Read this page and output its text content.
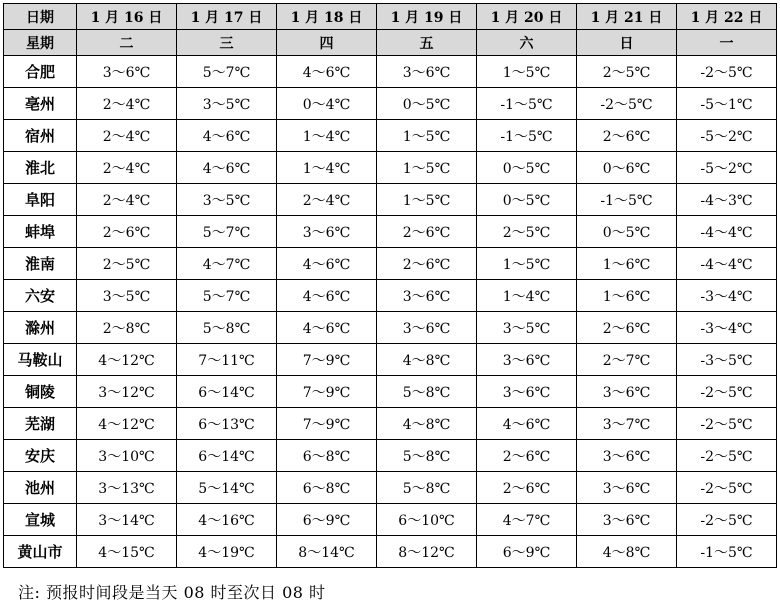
日期	1 月 16 日	1 月 17 日	1 月 18 日	1 月 19 日	1 月 20 日	1 月 21 日	1 月 22 日
星期	二	三	四	五	六	日	一
合肥	3～6℃	5～7℃	4～6℃	3～6℃	1～5℃	2～5℃	-2～5℃
亳州	2～4℃	3～5℃	0～4℃	0～5℃	-1～5℃	-2～5℃	-5～1℃
宿州	2～4℃	4～6℃	1～4℃	1～5℃	-1～5℃	2～6℃	-5～2℃
淮北	2～4℃	4～6℃	1～4℃	1～5℃	0～5℃	0～6℃	-5～2℃
阜阳	2～4℃	3～5℃	2～4℃	1～5℃	0～5℃	-1～5℃	-4～3℃
蚌埠	2～6℃	5～7℃	3～6℃	2～6℃	2～5℃	0～5℃	-4～4℃
淮南	2～5℃	4～7℃	4～6℃	2～6℃	1～5℃	1～6℃	-4～4℃
六安	3～5℃	5～7℃	4～6℃	3～6℃	1～4℃	1～6℃	-3～4℃
滁州	2～8℃	5～8℃	4～6℃	3～6℃	3～5℃	2～6℃	-3～4℃
马鞍山	4～12℃	7～11℃	7～9℃	4～8℃	3～6℃	2～7℃	-3～5℃
铜陵	3～12℃	6～14℃	7～9℃	5～8℃	3～6℃	3～6℃	-2～5℃
芜湖	4～12℃	6～13℃	7～9℃	4～8℃	4～6℃	3～7℃	-2～5℃
安庆	3～10℃	6～14℃	6～8℃	5～8℃	2～6℃	3～6℃	-2～5℃
池州	3～13℃	5～14℃	6～8℃	5～8℃	2～6℃	3～6℃	-2～5℃
宣城	3～14℃	4～16℃	6～9℃	6～10℃	4～7℃	3～6℃	-2～5℃
黄山市	4～15℃	4～19℃	8～14℃	8～12℃	6～9℃	4～8℃	-1～5℃
注: 预报时间段是当天 08 时至次日 08 时
